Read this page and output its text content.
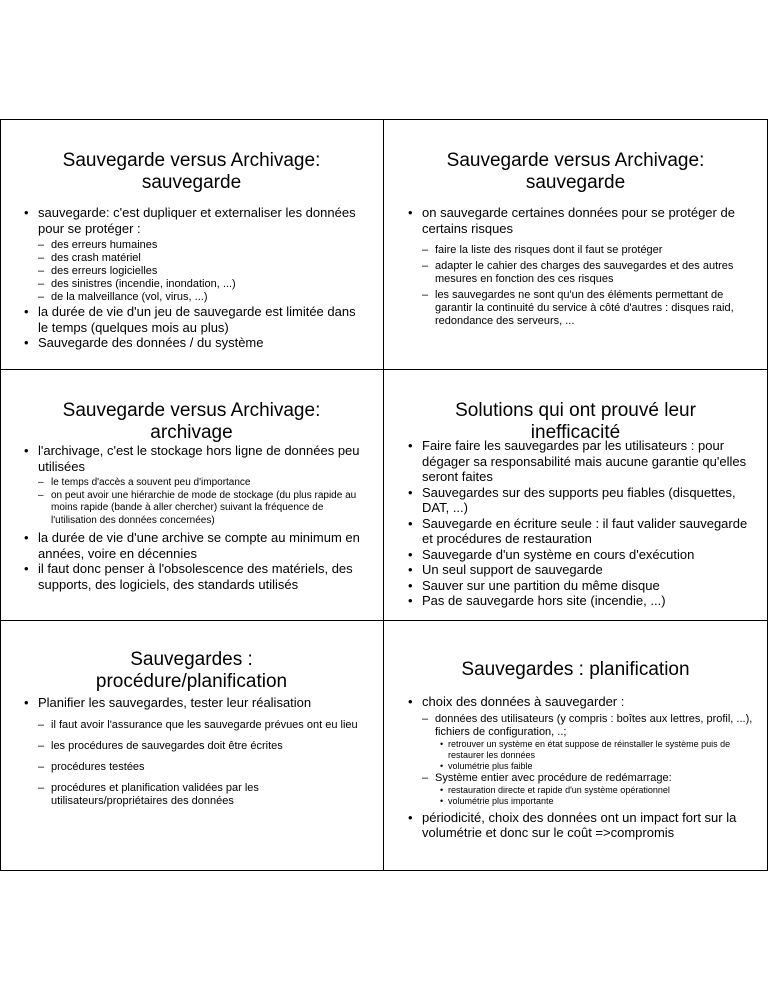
Sauvegarde versus Archivage:
sauvegarde
• sauvegarde: c'est dupliquer et externaliser les données pour se protéger :
– des erreurs humaines
– des crash matériel
– des erreurs logicielles
– des sinistres (incendie, inondation, ...)
– de la malveillance (vol, virus, ...)
• la durée de vie d'un jeu de sauvegarde est limitée dans le temps (quelques mois au plus)
• Sauvegarde des données / du système
Sauvegarde versus Archivage:
sauvegarde
• on sauvegarde certaines données pour se protéger de certains risques
– faire la liste des risques dont il faut se protéger
– adapter le cahier des charges des sauvegardes et des autres mesures en fonction des ces risques
– les sauvegardes ne sont qu'un des éléments permettant de garantir la continuité du service à côté d'autres : disques raid, redondance des serveurs, ...
Sauvegarde versus Archivage:
archivage
• l'archivage, c'est le stockage hors ligne de données peu utilisées
– le temps d'accès a souvent peu d'importance
– on peut avoir une hiérarchie de mode de stockage (du plus rapide au moins rapide (bande à aller chercher) suivant la fréquence de l'utilisation des données concernées)
• la durée de vie d'une archive se compte au minimum en années, voire en décennies
• il faut donc penser à l'obsolescence des matériels, des supports, des logiciels, des standards utilisés
Solutions qui ont prouvé leur
inefficacité
• Faire faire les sauvegardes par les utilisateurs : pour dégager sa responsabilité mais aucune garantie qu'elles seront faites
• Sauvegardes sur des supports peu fiables (disquettes, DAT, ...)
• Sauvegarde en écriture seule : il faut valider sauvegarde et procédures de restauration
• Sauvegarde d'un système en cours d'exécution
• Un seul support de sauvegarde
• Sauver sur une partition du même disque
• Pas de sauvegarde hors site (incendie, ...)
Sauvegardes :
procédure/planification
• Planifier les sauvegardes, tester leur réalisation
– il faut avoir l'assurance que les sauvegarde prévues ont eu lieu
– les procédures de sauvegardes doit être écrites
– procédures testées
– procédures et planification validées par les utilisateurs/propriétaires des données
Sauvegardes : planification
• choix des données à sauvegarder :
– données des utilisateurs (y compris : boîtes aux lettres, profil, ...), fichiers de configuration, ..;
• retrouver un système en état suppose de réinstaller le système puis de restaurer les données
• volumétrie plus faible
– Système entier avec procédure de redémarrage:
• restauration directe et rapide d'un système opérationnel
• volumétrie plus importante
• périodicité, choix des données ont un impact fort sur la volumétrie et donc sur le coût =>compromis
